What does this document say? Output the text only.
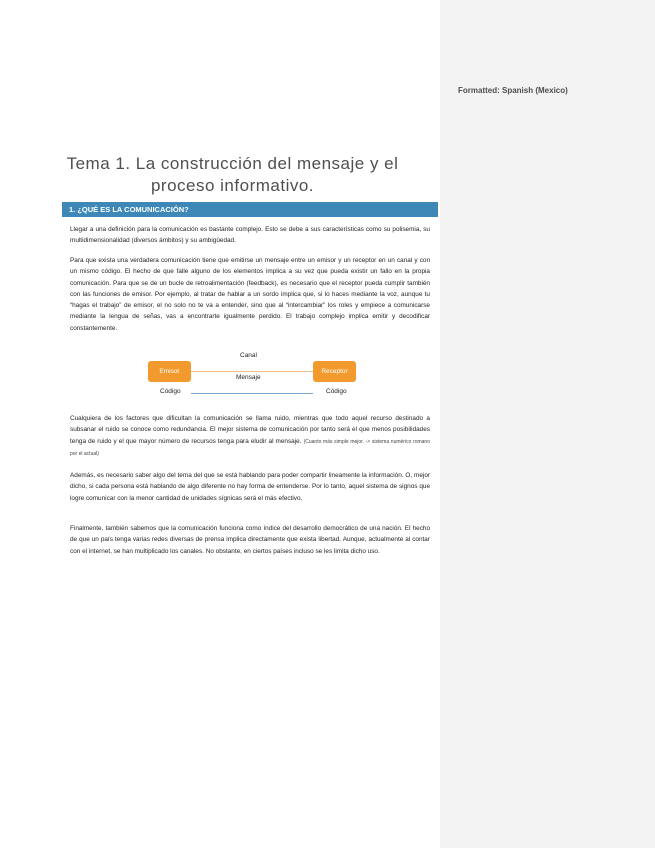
Tema 1. La construcción del mensaje y el
proceso informativo.
1. ¿QUÉ ES LA COMUNICACIÓN?
Llegar a una definición para la comunicación es bastante complejo. Esto se debe a sus características como su polisemia, su multidimensionalidad (diversos ámbitos) y su ambigüedad.
Para que exista una verdadera comunicación tiene que emitirse un mensaje entre un emisor y un receptor en un canal y con un mismo código. El hecho de que falle alguno de los elementos implica a su vez que pueda existir un fallo en la propia comunicación. Para que se de un bucle de retroalimentación (feedback), es necesario que el receptor pueda cumplir también con las funciones de emisor. Por ejemplo, al tratar de hablar a un sordo implica que, si lo haces mediante la voz, aunque tu “hagas el trabajo” de emisor, el no solo no te va a entender, sino que al “intercambiar” los roles y empiece a comunicarse mediante la lengua de señas, vas a encontrarte igualmente perdido. El trabajo complejo implica emitir y decodificar constantemente.
Emisor	Receptor
Canal
Mensaje
Código	Código
Cualquiera de los factores que dificultan la comunicación se llama ruido, mientras que todo aquel recurso destinado a subsanar el ruido se conoce como redundancia. El mejor sistema de comunicación por tanto será el que menos posibilidades tenga de ruido y el que mayor número de recursos tenga para eludir al mensaje. (Cuanto más simple mejor. -> sistema numérico romano por el actual)
Además, es necesario saber algo del tema del que se está hablando para poder compartir lineamente la información. O, mejor dicho, si cada persona está hablando de algo diferente no hay forma de entenderse. Por lo tanto, aquel sistema de signos que logre comunicar con la menor cantidad de unidades sígnicas será el más efectivo.
Finalmente, también sabemos que la comunicación funciona como índice del desarrollo democrático de una nación. El hecho de que un país tenga varias redes diversas de prensa implica directamente que exista libertad. Aunque, actualmente al contar con el internet, se han multiplicado los canales. No obstante, en ciertos países incluso se les limita dicho uso.
Formatted: Spanish (Mexico)
